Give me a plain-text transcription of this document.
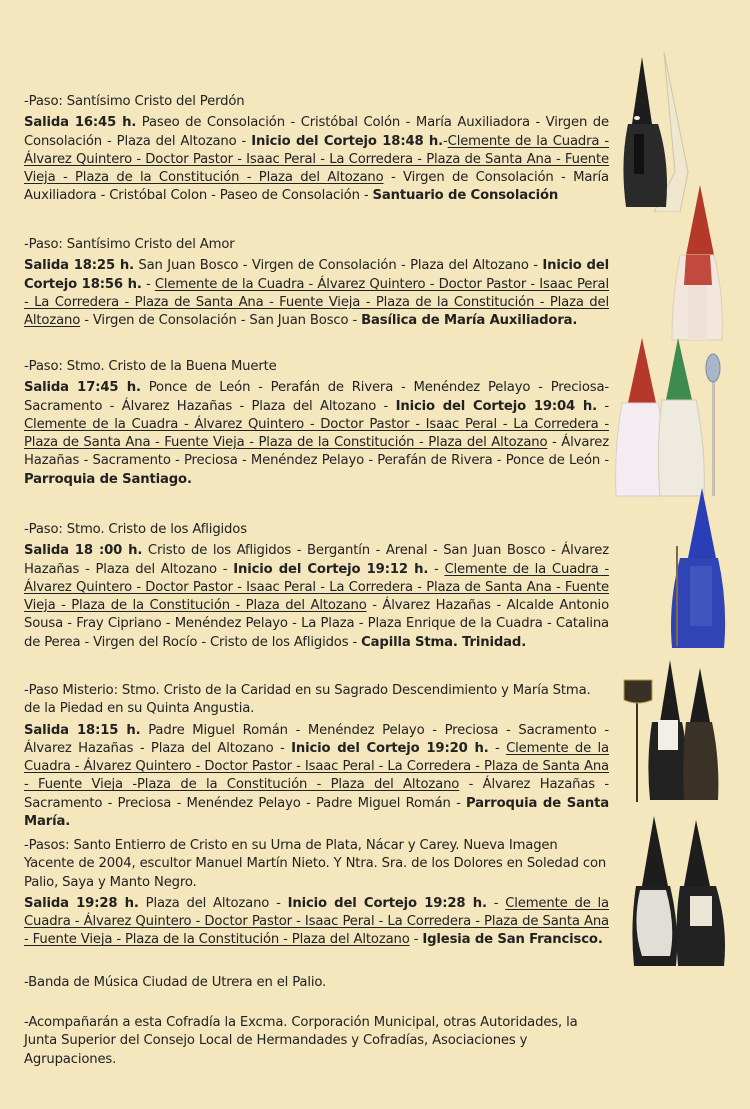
-Paso: Santísimo Cristo del Perdón

Salida 16:45 h. Paseo de Consolación - Cristóbal Colón - María Auxiliadora - Virgen de Consolación - Plaza del Altozano - Inicio del Cortejo 18:48 h.-Clemente de la Cuadra - Álvarez Quintero - Doctor Pastor - Isaac Peral - La Corredera - Plaza de Santa Ana - Fuente Vieja - Plaza de la Constitución - Plaza del Altozano - Virgen de Consolación - María Auxiliadora - Cristóbal Colon - Paseo de Consolación - Santuario de Consolación

-Paso: Santísimo Cristo del Amor

Salida 18:25 h. San Juan Bosco - Virgen de Consolación - Plaza del Altozano - Inicio del Cortejo 18:56 h. - Clemente de la Cuadra - Álvarez Quintero - Doctor Pastor - Isaac Peral - La Corredera - Plaza de Santa Ana - Fuente Vieja - Plaza de la Constitución - Plaza del Altozano - Virgen de Consolación - San Juan Bosco - Basílica de María Auxiliadora.

-Paso: Stmo. Cristo de la Buena Muerte

Salida 17:45 h. Ponce de León - Perafán de Rivera - Menéndez Pelayo - Preciosa-Sacramento - Álvarez Hazañas - Plaza del Altozano - Inicio del Cortejo 19:04 h. - Clemente de la Cuadra - Álvarez Quintero - Doctor Pastor - Isaac Peral - La Corredera - Plaza de Santa Ana - Fuente Vieja - Plaza de la Constitución - Plaza del Altozano - Álvarez Hazañas - Sacramento - Preciosa - Menéndez Pelayo - Perafán de Rivera - Ponce de León - Parroquia de Santiago.

-Paso: Stmo. Cristo de los Afligidos

Salida 18 :00 h. Cristo de los Afligidos - Bergantín - Arenal - San Juan Bosco - Álvarez Hazañas - Plaza del Altozano - Inicio del Cortejo 19:12 h. - Clemente de la Cuadra - Álvarez Quintero - Doctor Pastor - Isaac Peral - La Corredera - Plaza de Santa Ana - Fuente Vieja - Plaza de la Constitución - Plaza del Altozano - Álvarez Hazañas - Alcalde Antonio Sousa - Fray Cipriano - Menéndez Pelayo - La Plaza - Plaza Enrique de la Cuadra - Catalina de Perea - Virgen del Rocío - Cristo de los Afligidos - Capilla Stma. Trinidad.

-Paso Misterio: Stmo. Cristo de la Caridad en su Sagrado Descendimiento y María Stma. de la Piedad en su Quinta Angustia.

Salida 18:15 h. Padre Miguel Román - Menéndez Pelayo - Preciosa - Sacramento - Álvarez Hazañas - Plaza del Altozano - Inicio del Cortejo 19:20 h. - Clemente de la Cuadra - Álvarez Quintero - Doctor Pastor - Isaac Peral - La Corredera - Plaza de Santa Ana - Fuente Vieja -Plaza de la Constitución - Plaza del Altozano - Álvarez Hazañas - Sacramento - Preciosa - Menéndez Pelayo - Padre Miguel Román - Parroquia de Santa María.

-Pasos: Santo Entierro de Cristo en su Urna de Plata, Nácar y Carey. Nueva Imagen Yacente de 2004, escultor Manuel Martín Nieto. Y Ntra. Sra. de los Dolores en Soledad con Palio, Saya y Manto Negro.

Salida 19:28 h. Plaza del Altozano - Inicio del Cortejo 19:28 h. - Clemente de la Cuadra - Álvarez Quintero - Doctor Pastor - Isaac Peral - La Corredera - Plaza de Santa Ana - Fuente Vieja - Plaza de la Constitución - Plaza del Altozano - Iglesia de San Francisco.

-Banda de Música Ciudad de Utrera en el Palio.

-Acompañarán a esta Cofradía la Excma. Corporación Municipal, otras Autoridades, la Junta Superior del Consejo Local de Hermandades y Cofradías, Asociaciones y Agrupaciones.
